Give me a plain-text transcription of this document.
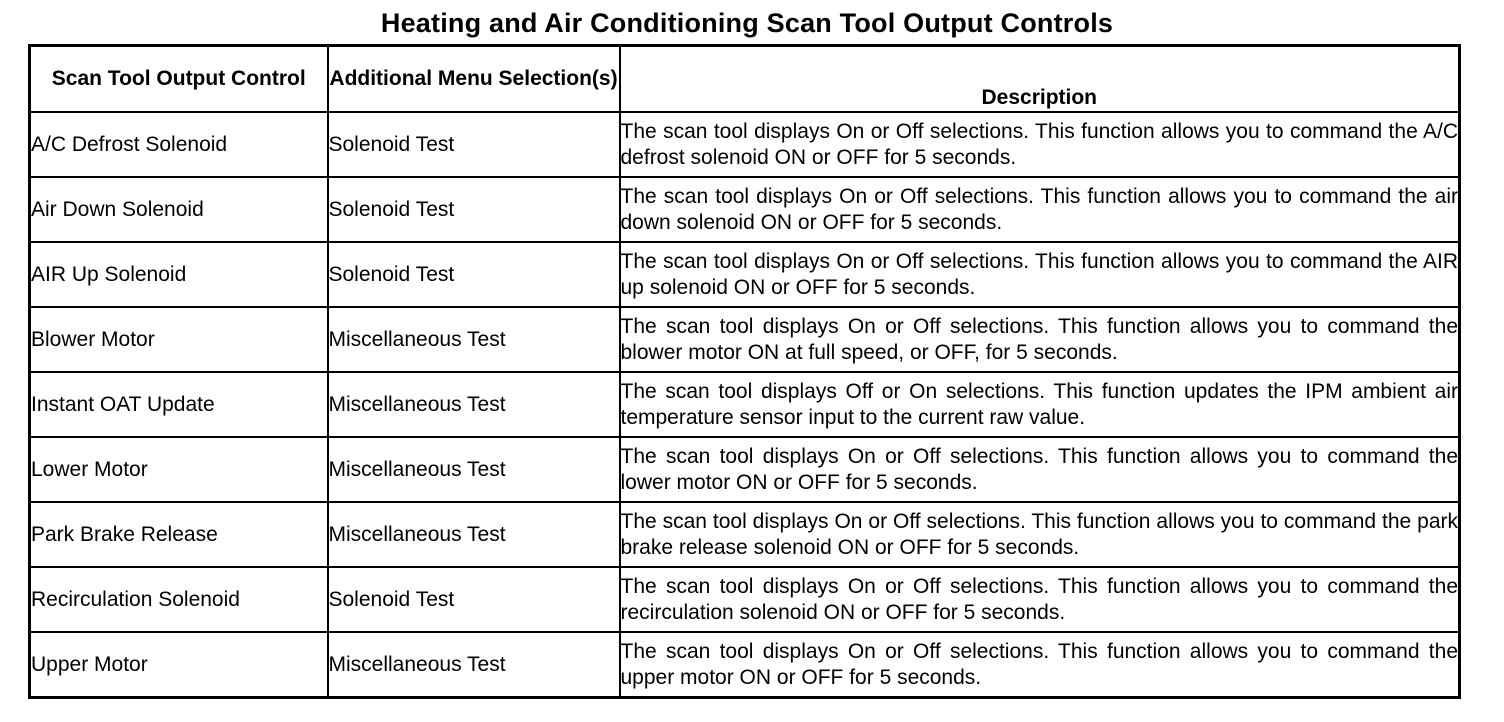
Heating and Air Conditioning Scan Tool Output Controls
Scan Tool Output Control	Additional Menu Selection(s)	Description
A/C Defrost Solenoid	Solenoid Test	The scan tool displays On or Off selections. This function allows you to command the A/C defrost solenoid ON or OFF for 5 seconds.
Air Down Solenoid	Solenoid Test	The scan tool displays On or Off selections. This function allows you to command the air down solenoid ON or OFF for 5 seconds.
AIR Up Solenoid	Solenoid Test	The scan tool displays On or Off selections. This function allows you to command the AIR up solenoid ON or OFF for 5 seconds.
Blower Motor	Miscellaneous Test	The scan tool displays On or Off selections. This function allows you to command the blower motor ON at full speed, or OFF, for 5 seconds.
Instant OAT Update	Miscellaneous Test	The scan tool displays Off or On selections. This function updates the IPM ambient air temperature sensor input to the current raw value.
Lower Motor	Miscellaneous Test	The scan tool displays On or Off selections. This function allows you to command the lower motor ON or OFF for 5 seconds.
Park Brake Release	Miscellaneous Test	The scan tool displays On or Off selections. This function allows you to command the park brake release solenoid ON or OFF for 5 seconds.
Recirculation Solenoid	Solenoid Test	The scan tool displays On or Off selections. This function allows you to command the recirculation solenoid ON or OFF for 5 seconds.
Upper Motor	Miscellaneous Test	The scan tool displays On or Off selections. This function allows you to command the upper motor ON or OFF for 5 seconds.
